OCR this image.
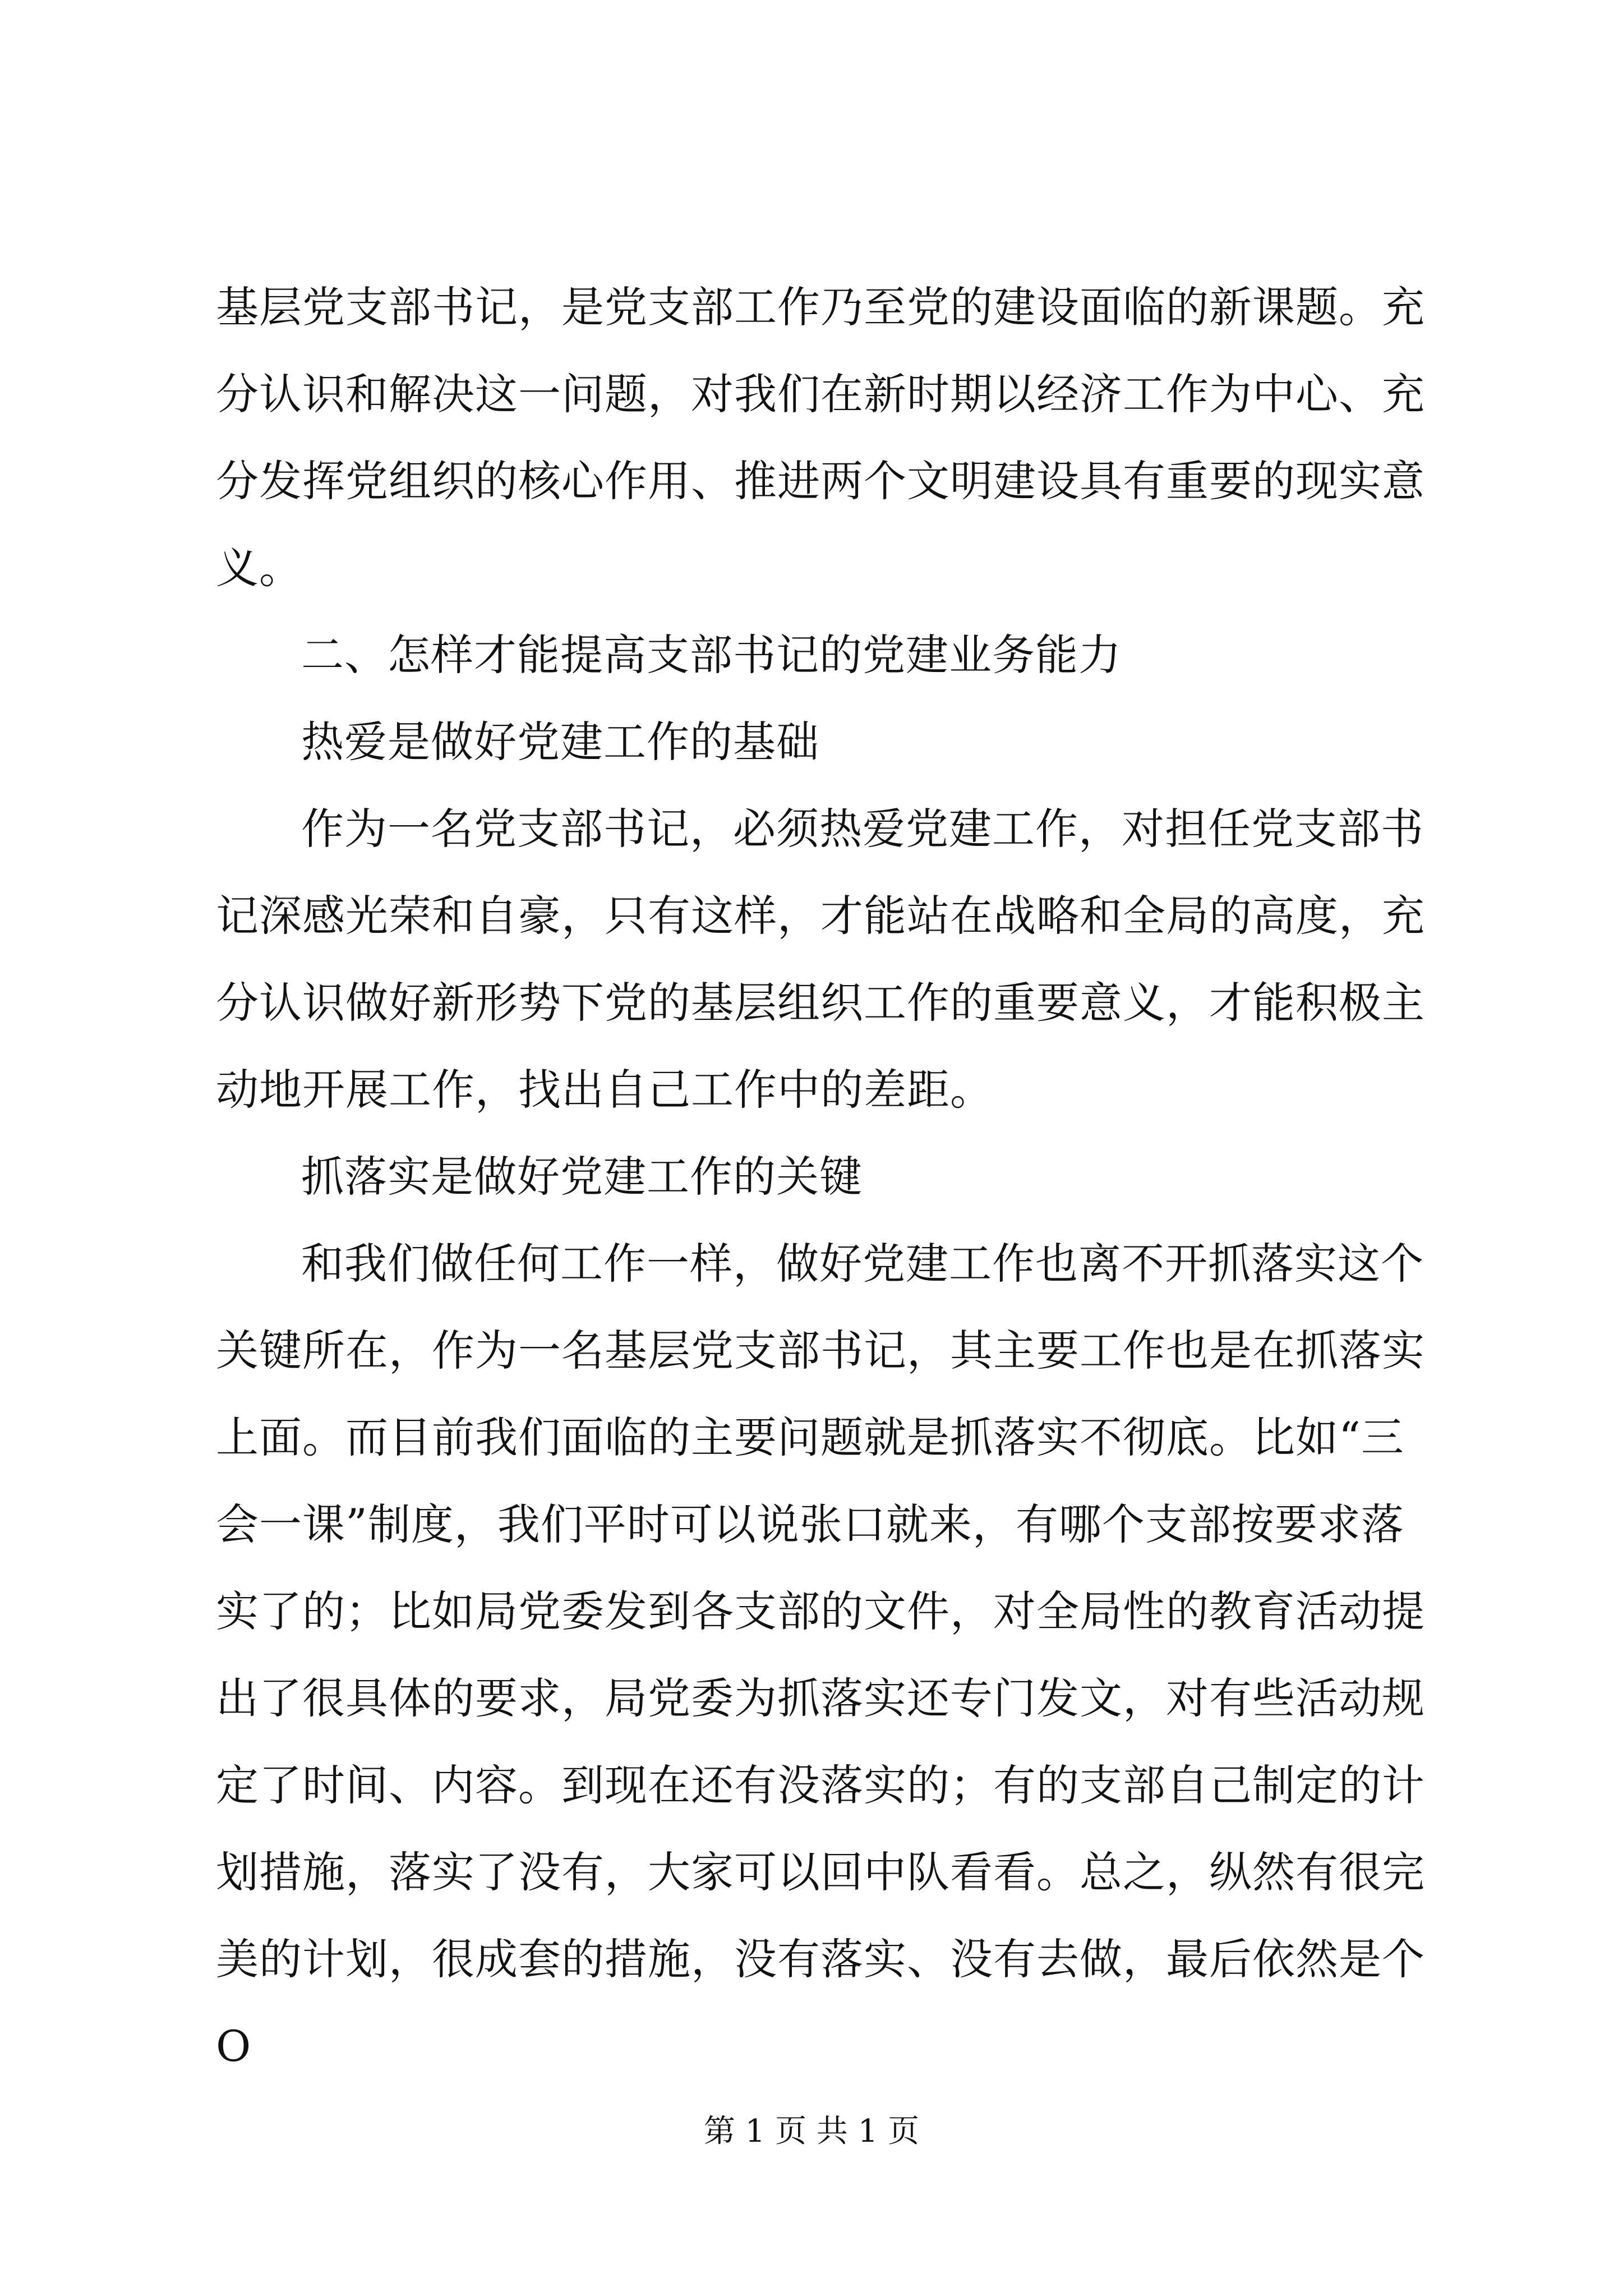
基层党支部书记，是党支部工作乃至党的建设面临的新课题。充
分认识和解决这一问题，对我们在新时期以经济工作为中心、充
分发挥党组织的核心作用、推进两个文明建设具有重要的现实意
义。
二、怎样才能提高支部书记的党建业务能力
热爱是做好党建工作的基础
作为一名党支部书记，必须热爱党建工作，对担任党支部书
记深感光荣和自豪，只有这样，才能站在战略和全局的高度，充
分认识做好新形势下党的基层组织工作的重要意义，才能积极主
动地开展工作，找出自己工作中的差距。
抓落实是做好党建工作的关键
和我们做任何工作一样，做好党建工作也离不开抓落实这个
关键所在，作为一名基层党支部书记，其主要工作也是在抓落实
上面。而目前我们面临的主要问题就是抓落实不彻底。比如“三
会一课”制度，我们平时可以说张口就来，有哪个支部按要求落
实了的；比如局党委发到各支部的文件，对全局性的教育活动提
出了很具体的要求，局党委为抓落实还专门发文，对有些活动规
定了时间、内容。到现在还有没落实的；有的支部自己制定的计
划措施，落实了没有，大家可以回中队看看。总之，纵然有很完
美的计划，很成套的措施，没有落实、没有去做，最后依然是个
O
第 1 页 共 1 页
